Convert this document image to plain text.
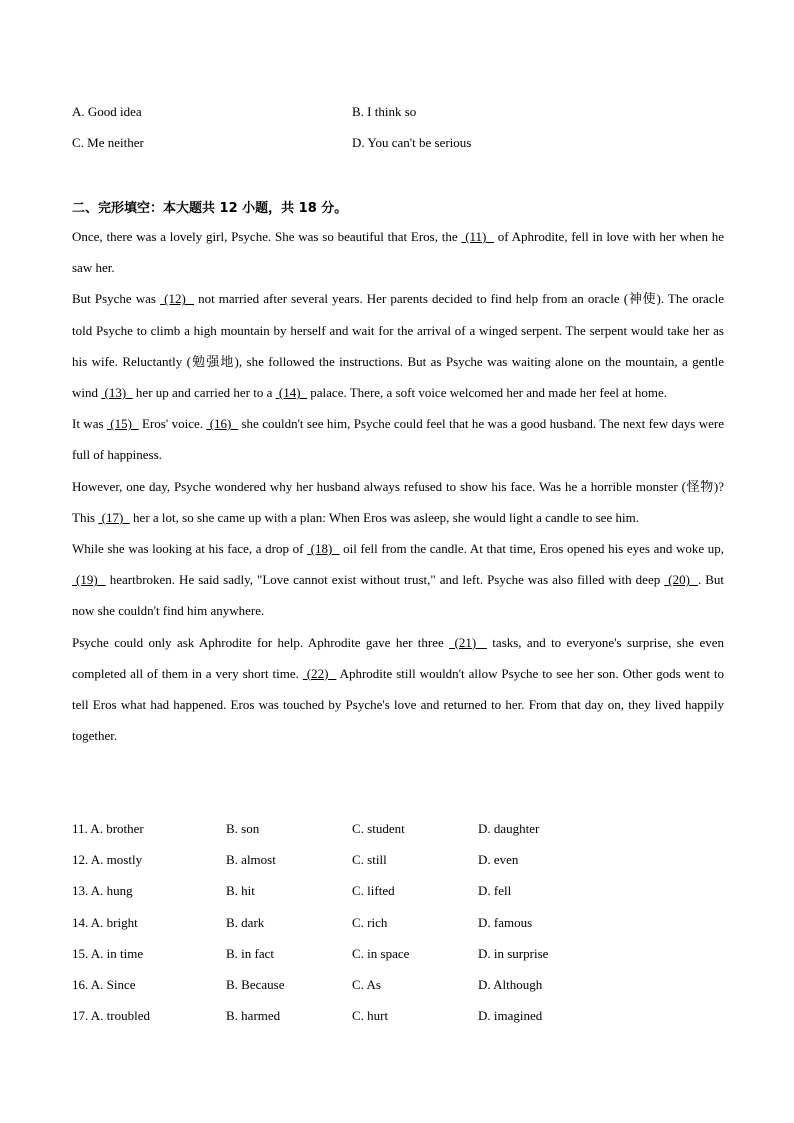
A. Good idea	B. I think so
C. Me neither	D. You can't be serious
二、完形填空：本大题共 12 小题，共 18 分。

Once, there was a lovely girl, Psyche. She was so beautiful that Eros, the  (11)   of Aphrodite, fell in love with her when he saw her.

But Psyche was  (12)   not married after several years. Her parents decided to find help from an oracle (神使). The oracle told Psyche to climb a high mountain by herself and wait for the arrival of a winged serpent. The serpent would take her as his wife. Reluctantly (勉强地), she followed the instructions. But as Psyche was waiting alone on the mountain, a gentle wind  (13)   her up and carried her to a  (14)   palace. There, a soft voice welcomed her and made her feel at home.

It was  (15)   Eros' voice.  (16)   she couldn't see him, Psyche could feel that he was a good husband. The next few days were full of happiness.

However, one day, Psyche wondered why her husband always refused to show his face. Was he a horrible monster (怪物)? This  (17)   her a lot, so she came up with a plan: When Eros was asleep, she would light a candle to see him.

While she was looking at his face, a drop of  (18)   oil fell from the candle. At that time, Eros opened his eyes and woke up,  (19)   heartbroken. He said sadly, "Love cannot exist without trust," and left. Psyche was also filled with deep  (20)  . But now she couldn't find him anywhere.

Psyche could only ask Aphrodite for help. Aphrodite gave her three  (21)   tasks, and to everyone's surprise, she even completed all of them in a very short time.  (22)   Aphrodite still wouldn't allow Psyche to see her son. Other gods went to tell Eros what had happened. Eros was touched by Psyche's love and returned to her. From that day on, they lived happily together.

11. A. brother	B. son	C. student	D. daughter
12. A. mostly	B. almost	C. still	D. even
13. A. hung	B. hit	C. lifted	D. fell
14. A. bright	B. dark	C. rich	D. famous
15. A. in time	B. in fact	C. in space	D. in surprise
16. A. Since	B. Because	C. As	D. Although
17. A. troubled	B. harmed	C. hurt	D. imagined
